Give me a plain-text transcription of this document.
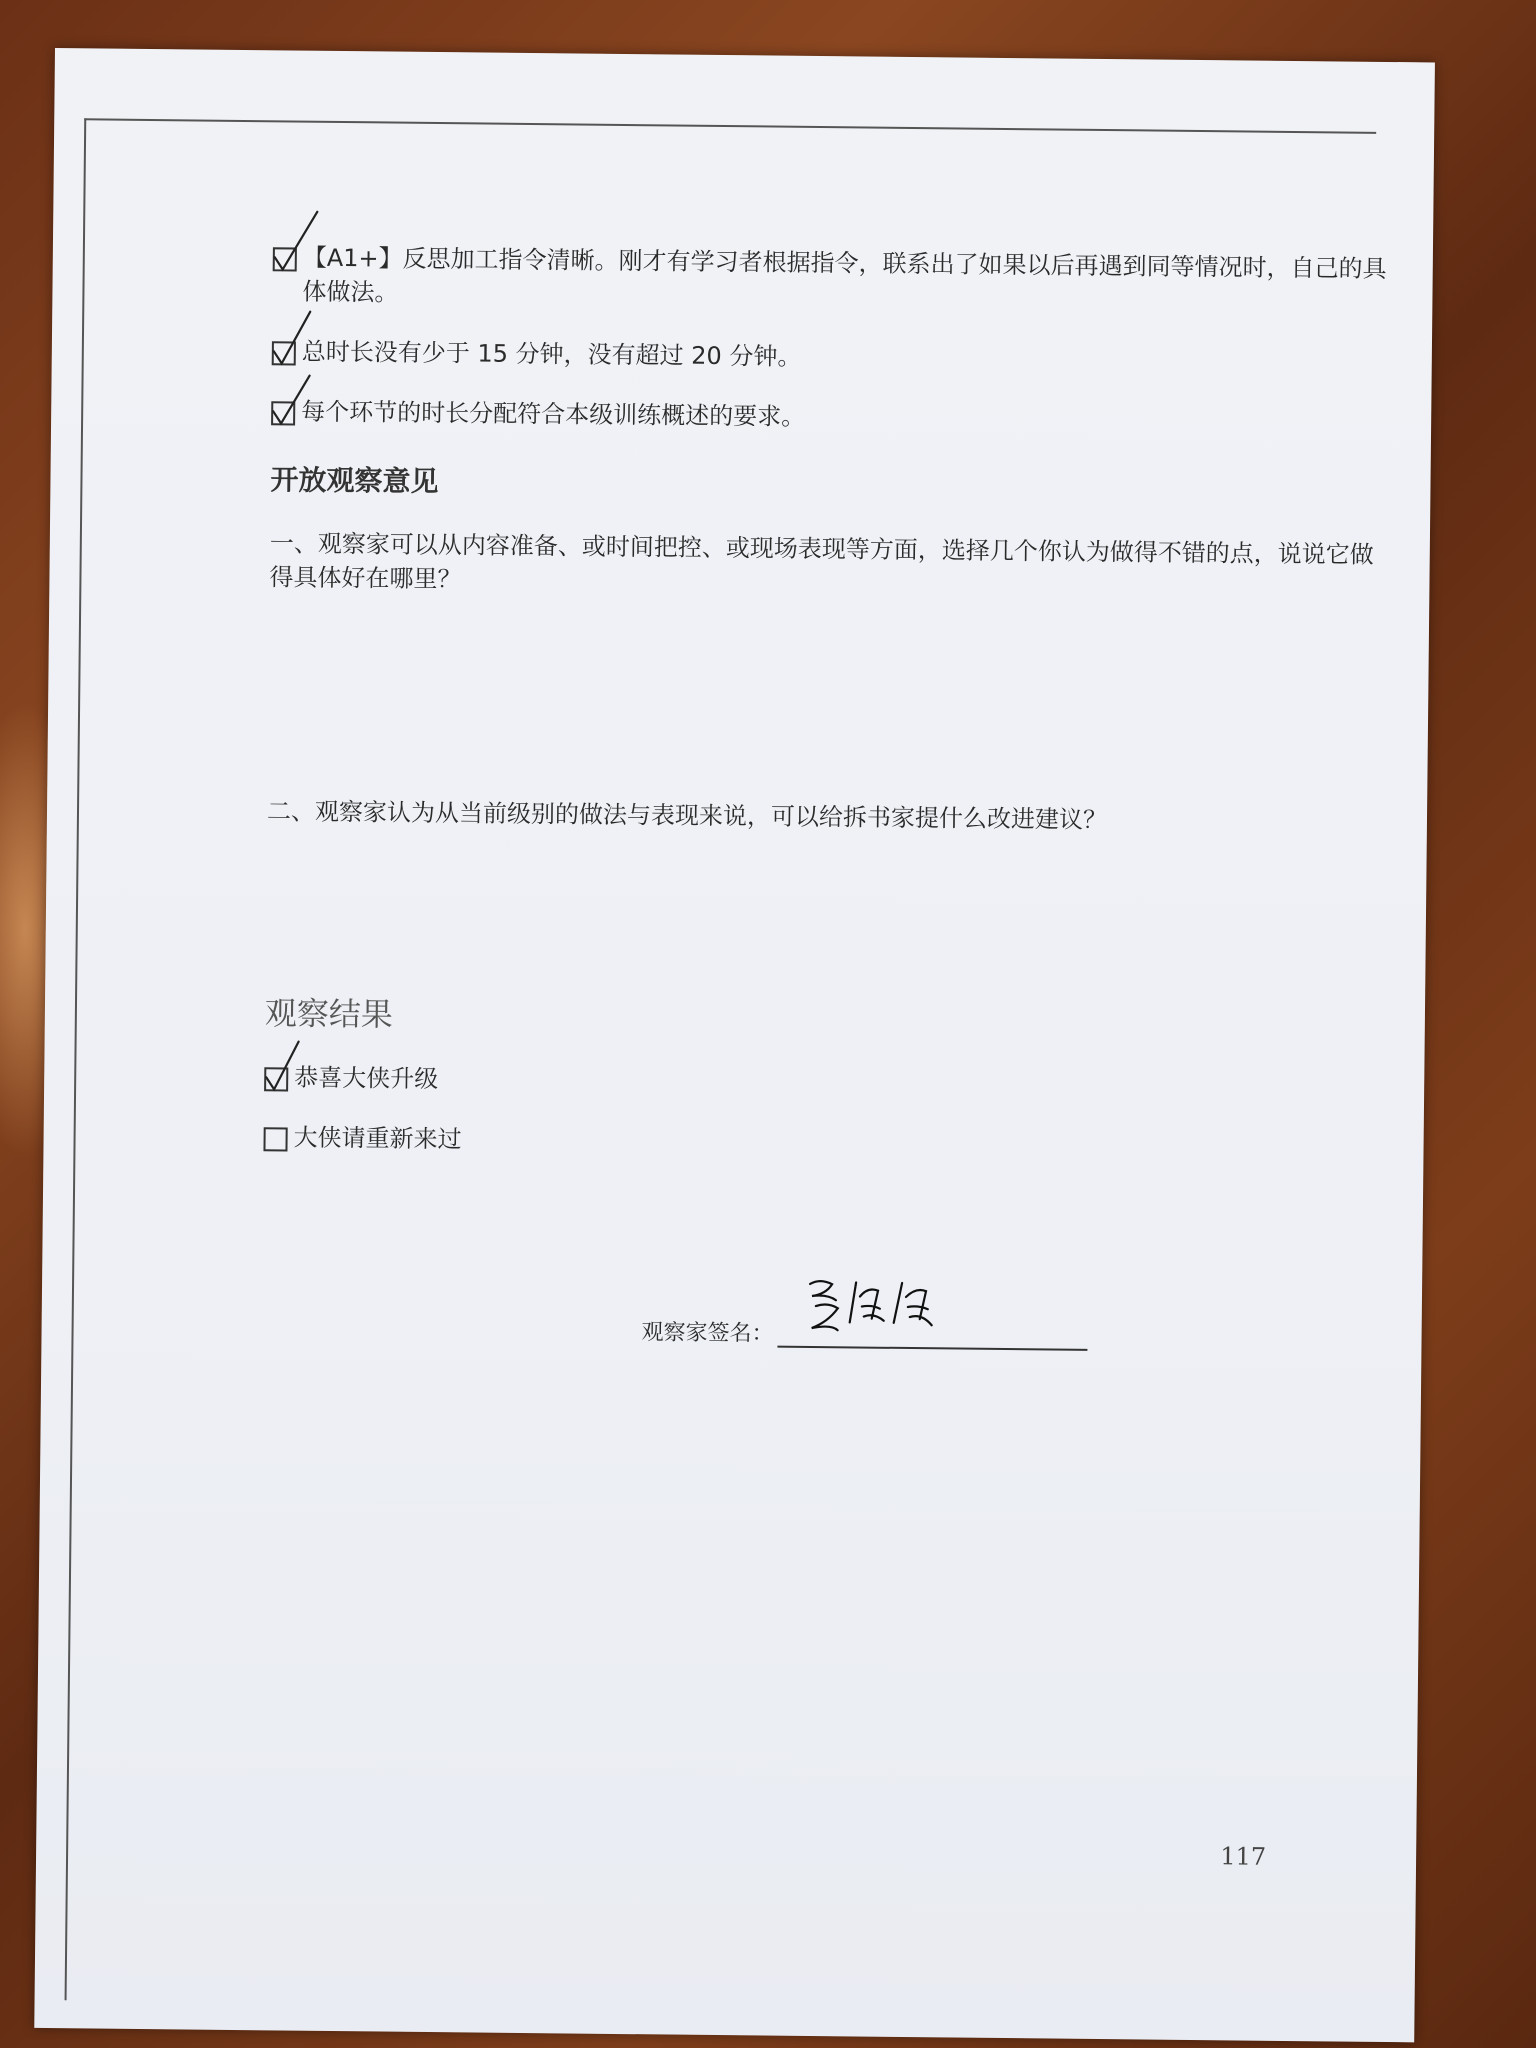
【A1+】反思加工指令清晰。刚才有学习者根据指令，联系出了如果以后再遇到同等情况时，自己的具体做法。
总时长没有少于 15 分钟，没有超过 20 分钟。
每个环节的时长分配符合本级训练概述的要求。
开放观察意见
一、观察家可以从内容准备、或时间把控、或现场表现等方面，选择几个你认为做得不错的点，说说它做得具体好在哪里？
二、观察家认为从当前级别的做法与表现来说，可以给拆书家提什么改进建议？
观察结果
恭喜大侠升级
大侠请重新来过
观察家签名：
117
